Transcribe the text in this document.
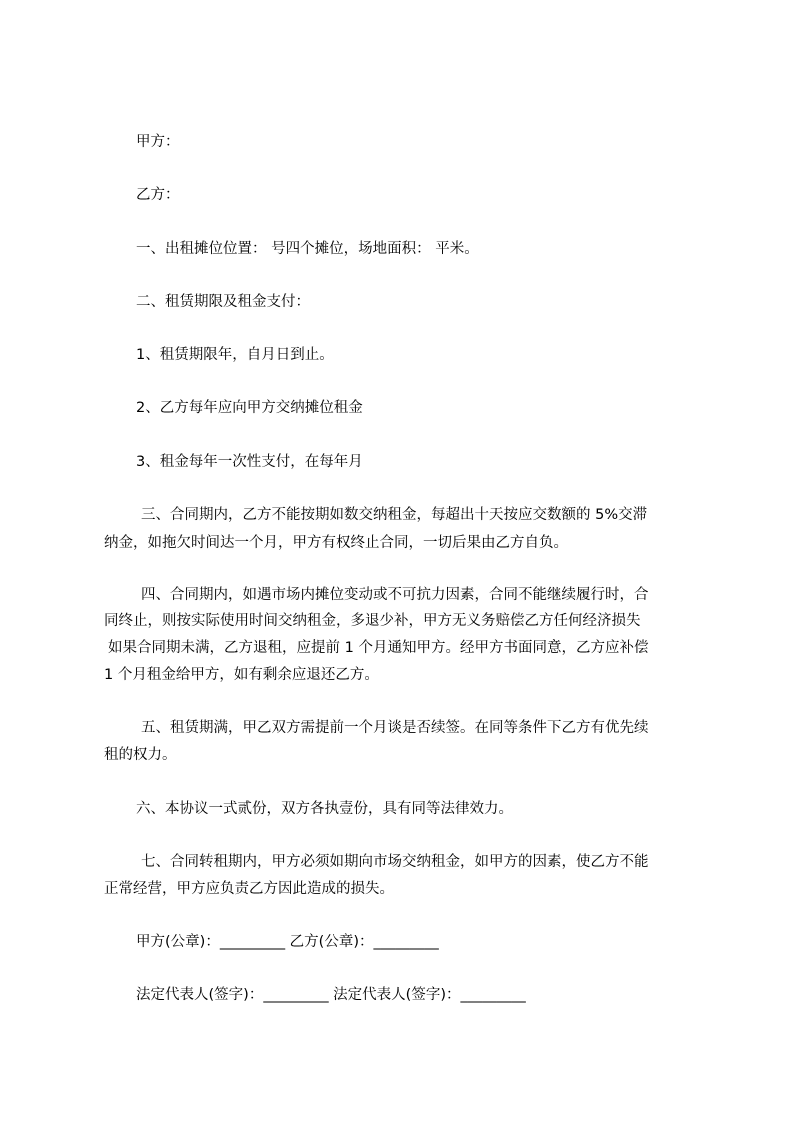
甲方：
乙方：
一、出租摊位位置： 号四个摊位，场地面积： 平米。
二、租赁期限及租金支付：
1、租赁期限年，自月日到止。
2、乙方每年应向甲方交纳摊位租金
3、租金每年一次性支付，在每年月
三、合同期内，乙方不能按期如数交纳租金，每超出十天按应交数额的 5%交滞
纳金，如拖欠时间达一个月，甲方有权终止合同，一切后果由乙方自负。
四、合同期内，如遇市场内摊位变动或不可抗力因素，合同不能继续履行时，合
同终止，则按实际使用时间交纳租金，多退少补，甲方无义务赔偿乙方任何经济损失
如果合同期未满，乙方退租，应提前 1 个月通知甲方。经甲方书面同意，乙方应补偿
1 个月租金给甲方，如有剩余应退还乙方。
五、租赁期满，甲乙双方需提前一个月谈是否续签。在同等条件下乙方有优先续
租的权力。
六、本协议一式贰份，双方各执壹份，具有同等法律效力。
七、合同转租期内，甲方必须如期向市场交纳租金，如甲方的因素，使乙方不能
正常经营，甲方应负责乙方因此造成的损失。
甲方(公章)：_________ 乙方(公章)：_________
法定代表人(签字)：_________ 法定代表人(签字)：_________
